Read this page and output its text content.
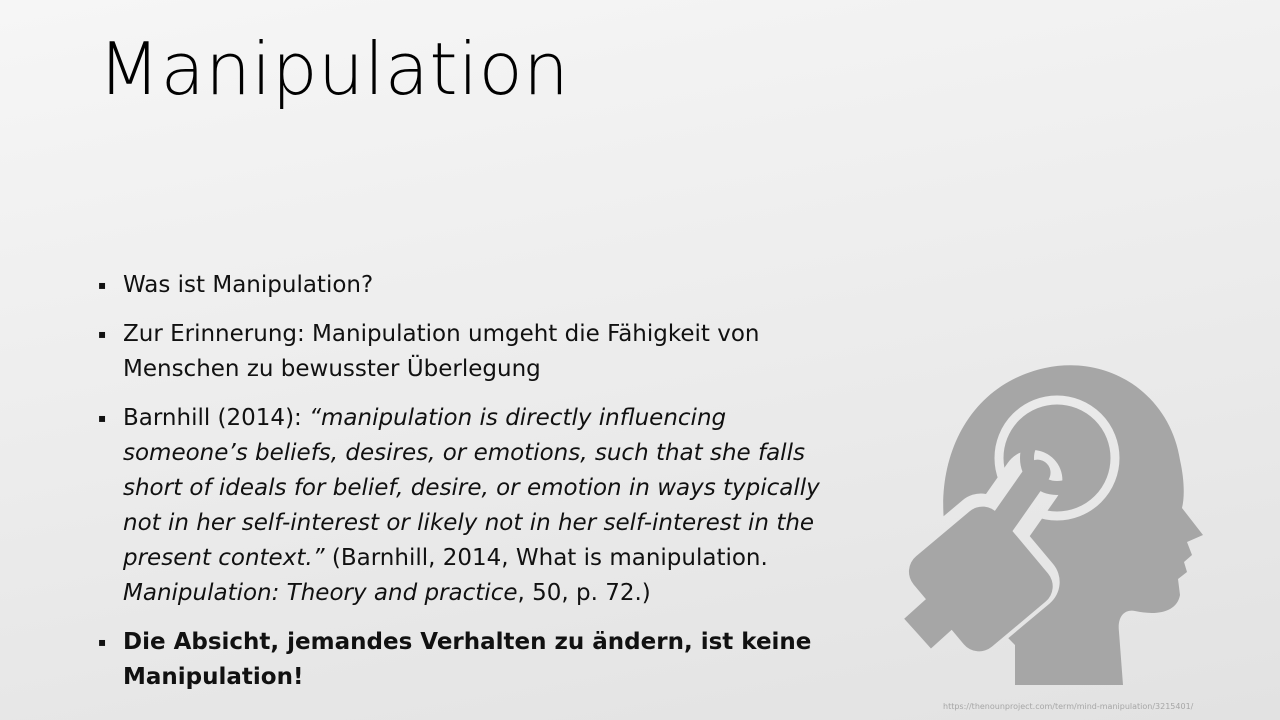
Manipulation
▪ Was ist Manipulation?
▪ Zur Erinnerung: Manipulation umgeht die Fähigkeit von Menschen zu bewusster Überlegung
▪ Barnhill (2014): “manipulation is directly influencing someone’s beliefs, desires, or emotions, such that she falls short of ideals for belief, desire, or emotion in ways typically not in her self-interest or likely not in her self-interest in the present context.” (Barnhill, 2014, What is manipulation. Manipulation: Theory and practice, 50, p. 72.)
▪ Die Absicht, jemandes Verhalten zu ändern, ist keine Manipulation!
https://thenounproject.com/term/mind-manipulation/3215401/
